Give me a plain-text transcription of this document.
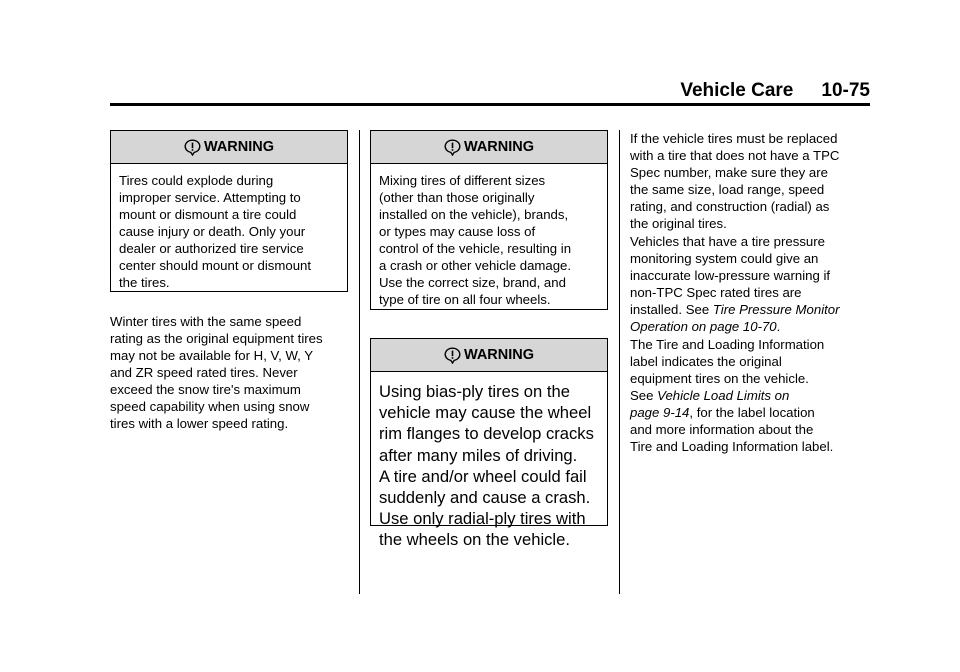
Vehicle Care 10-75
WARNING
Tires could explode during
improper service. Attempting to
mount or dismount a tire could
cause injury or death. Only your
dealer or authorized tire service
center should mount or dismount
the tires.
Winter tires with the same speed
rating as the original equipment tires
may not be available for H, V, W, Y
and ZR speed rated tires. Never
exceed the snow tire's maximum
speed capability when using snow
tires with a lower speed rating.
WARNING
Mixing tires of different sizes
(other than those originally
installed on the vehicle), brands,
or types may cause loss of
control of the vehicle, resulting in
a crash or other vehicle damage.
Use the correct size, brand, and
type of tire on all four wheels.
WARNING
Using bias-ply tires on the
vehicle may cause the wheel
rim flanges to develop cracks
after many miles of driving.
A tire and/or wheel could fail
suddenly and cause a crash.
Use only radial-ply tires with
the wheels on the vehicle.
If the vehicle tires must be replaced
with a tire that does not have a TPC
Spec number, make sure they are
the same size, load range, speed
rating, and construction (radial) as
the original tires.
Vehicles that have a tire pressure
monitoring system could give an
inaccurate low-pressure warning if
non-TPC Spec rated tires are
installed. See Tire Pressure Monitor
Operation on page 10-70.
The Tire and Loading Information
label indicates the original
equipment tires on the vehicle.
See Vehicle Load Limits on
page 9-14, for the label location
and more information about the
Tire and Loading Information label.
